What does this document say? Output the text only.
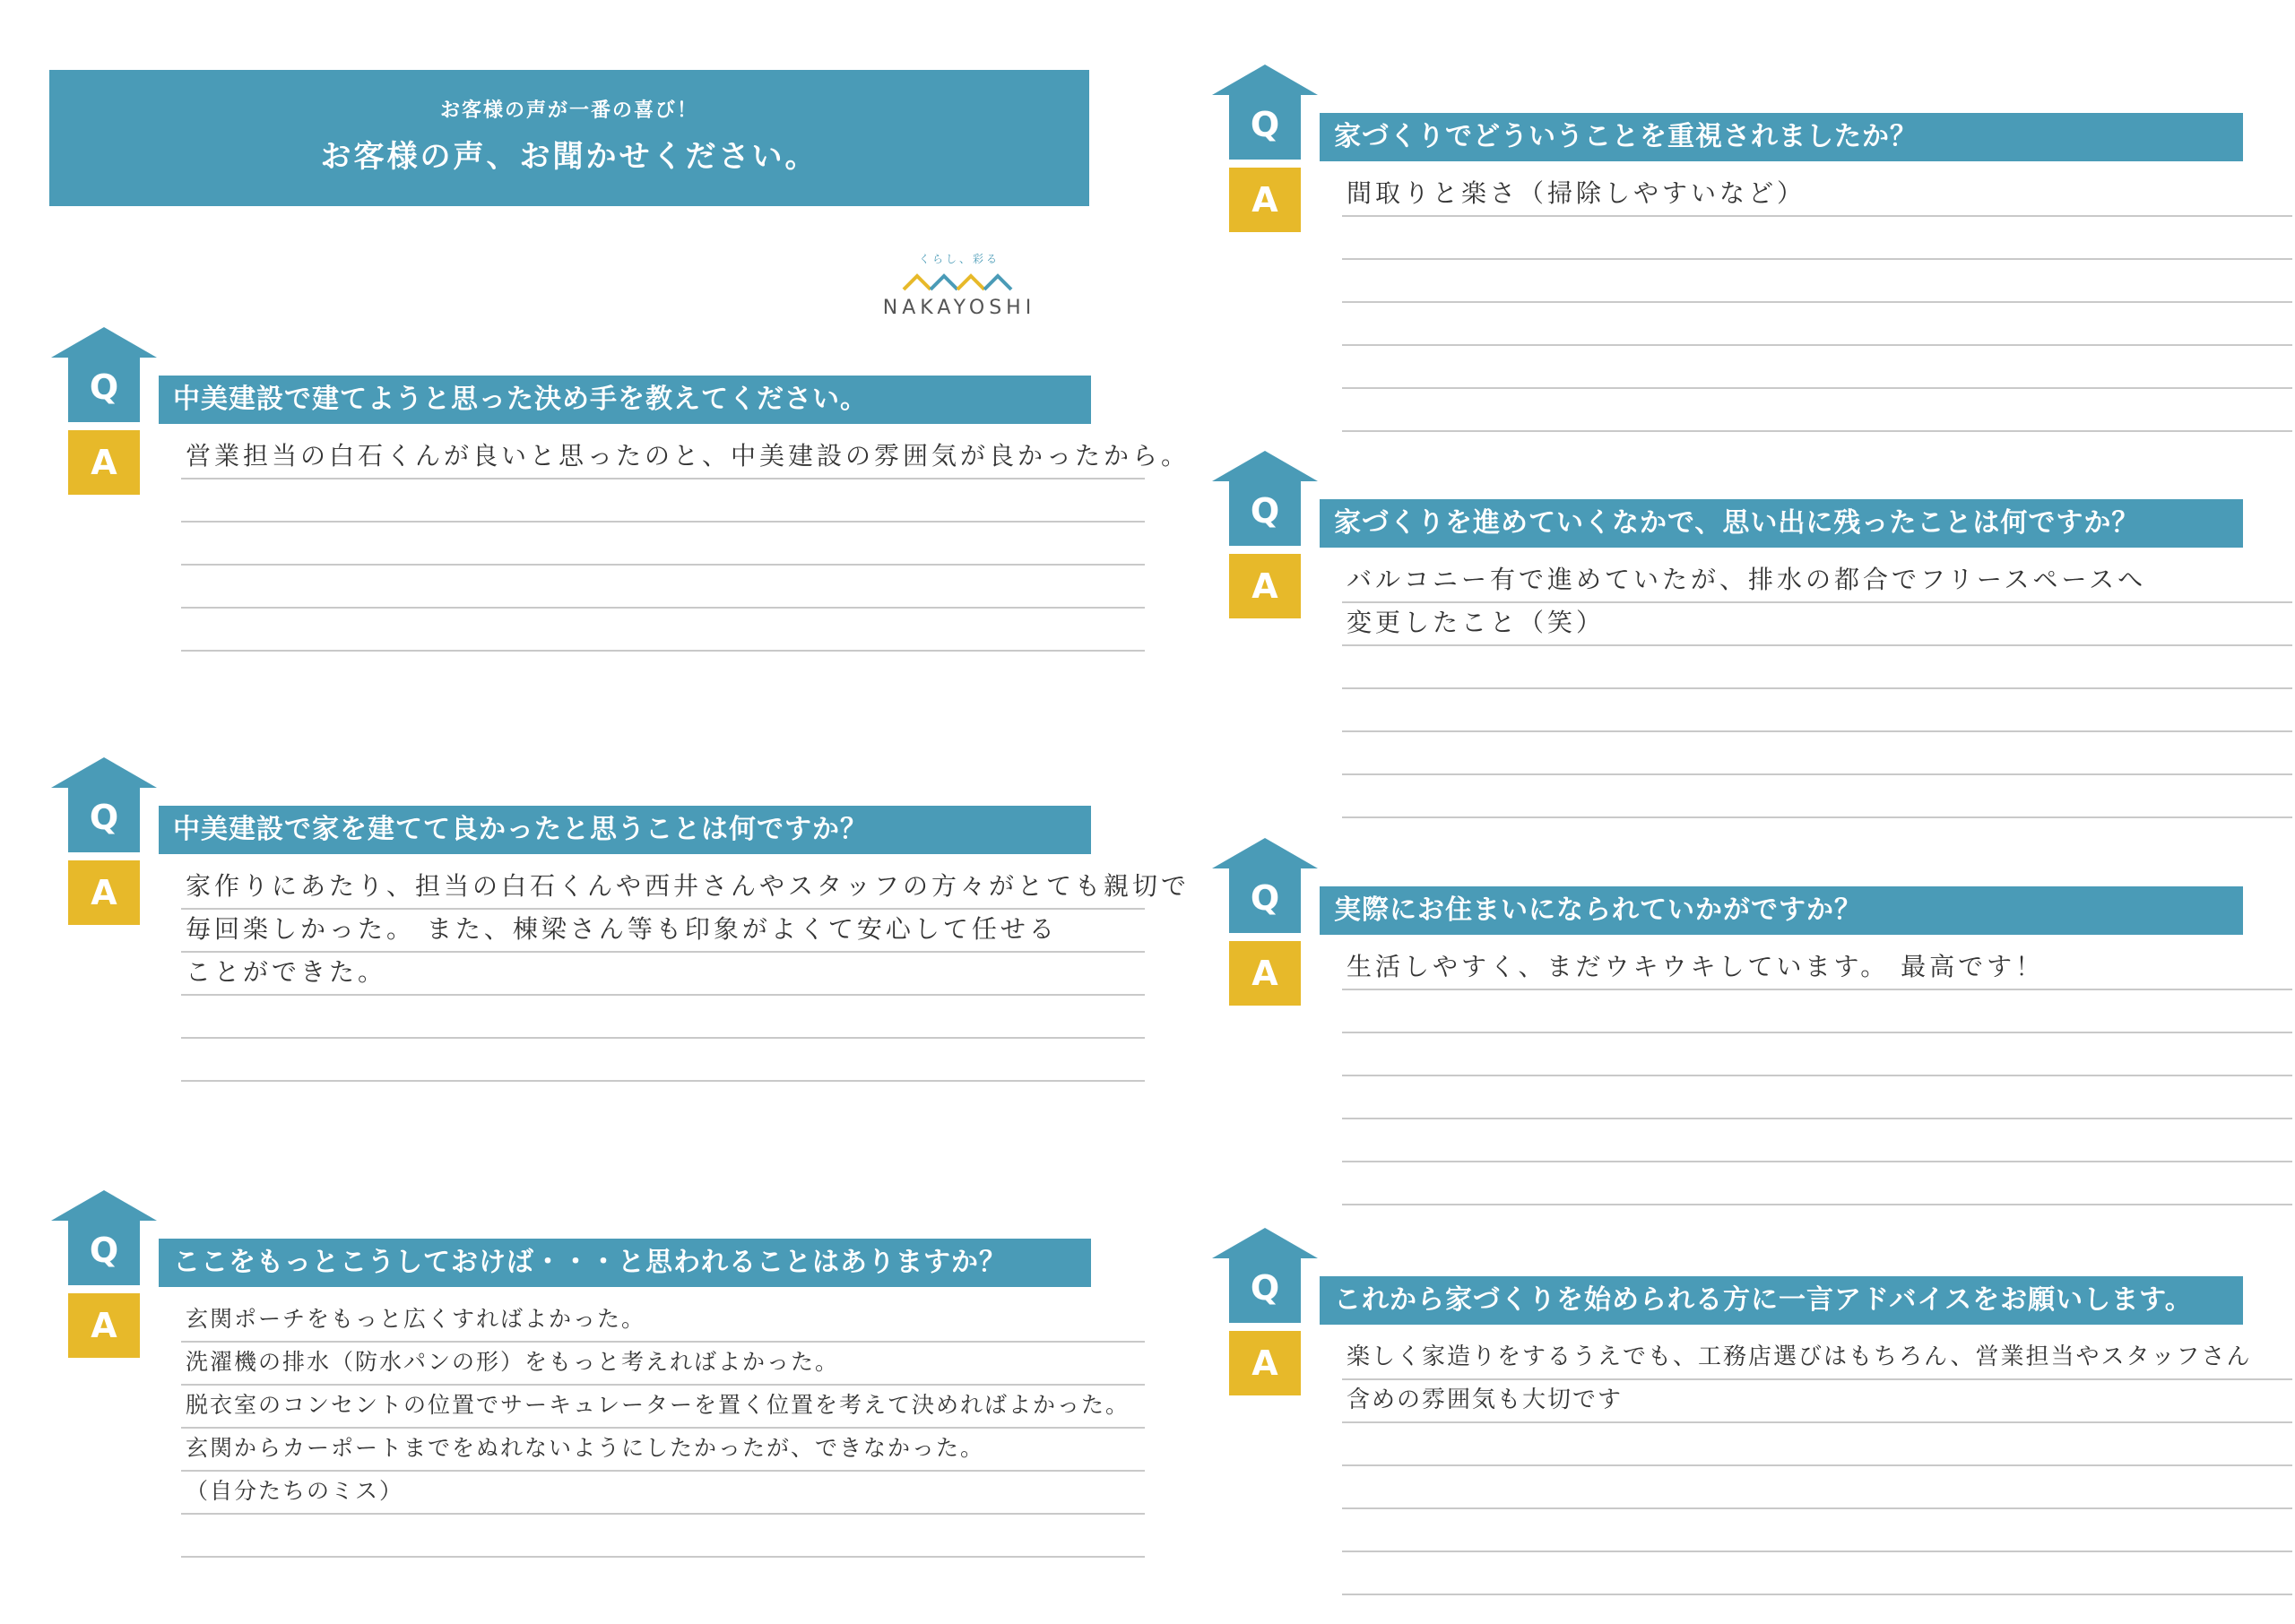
お客様の声が一番の喜び！
お客様の声、お聞かせください。
くらし、彩る
NAKAYOSHI
Q	中美建設で建てようと思った決め手を教えてください。
A	営業担当の白石くんが良いと思ったのと、中美建設の雰囲気が良かったから。
Q	中美建設で家を建てて良かったと思うことは何ですか？
A	家作りにあたり、担当の白石くんや西井さんやスタッフの方々がとても親切で
毎回楽しかった。 また、棟梁さん等も印象がよくて安心して任せる
ことができた。
Q	ここをもっとこうしておけば・・・と思われることはありますか？
A	玄関ポーチをもっと広くすればよかった。
洗濯機の排水（防水パンの形）をもっと考えればよかった。
脱衣室のコンセントの位置でサーキュレーターを置く位置を考えて決めればよかった。
玄関からカーポートまでをぬれないようにしたかったが、できなかった。
（自分たちのミス）
Q	家づくりでどういうことを重視されましたか？
A	間取りと楽さ（掃除しやすいなど）
Q	家づくりを進めていくなかで、思い出に残ったことは何ですか？
A	バルコニー有で進めていたが、排水の都合でフリースペースへ
変更したこと（笑）
Q	実際にお住まいになられていかがですか？
A	生活しやすく、まだウキウキしています。 最高です！
Q	これから家づくりを始められる方に一言アドバイスをお願いします。
A	楽しく家造りをするうえでも、工務店選びはもちろん、営業担当やスタッフさん
含めの雰囲気も大切です
